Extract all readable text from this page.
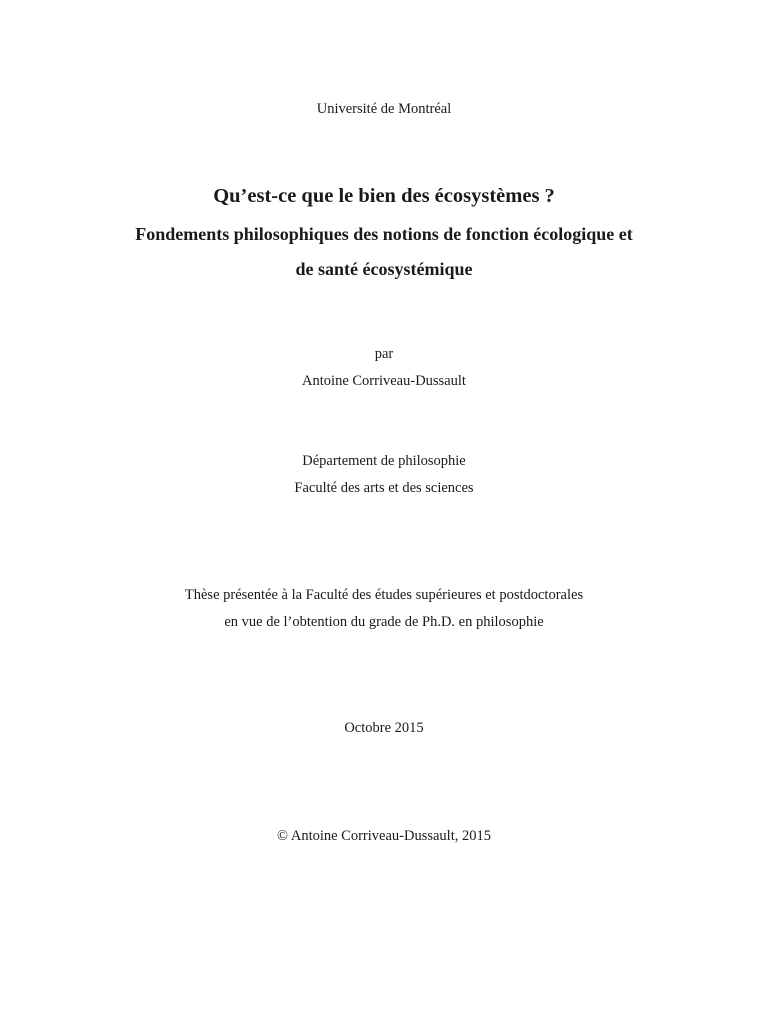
Université de Montréal
Qu’est-ce que le bien des écosystèmes ?
Fondements philosophiques des notions de fonction écologique et
de santé écosystémique
par
Antoine Corriveau-Dussault
Département de philosophie
Faculté des arts et des sciences
Thèse présentée à la Faculté des études supérieures et postdoctorales
en vue de l’obtention du grade de Ph.D. en philosophie
Octobre 2015
© Antoine Corriveau-Dussault, 2015
